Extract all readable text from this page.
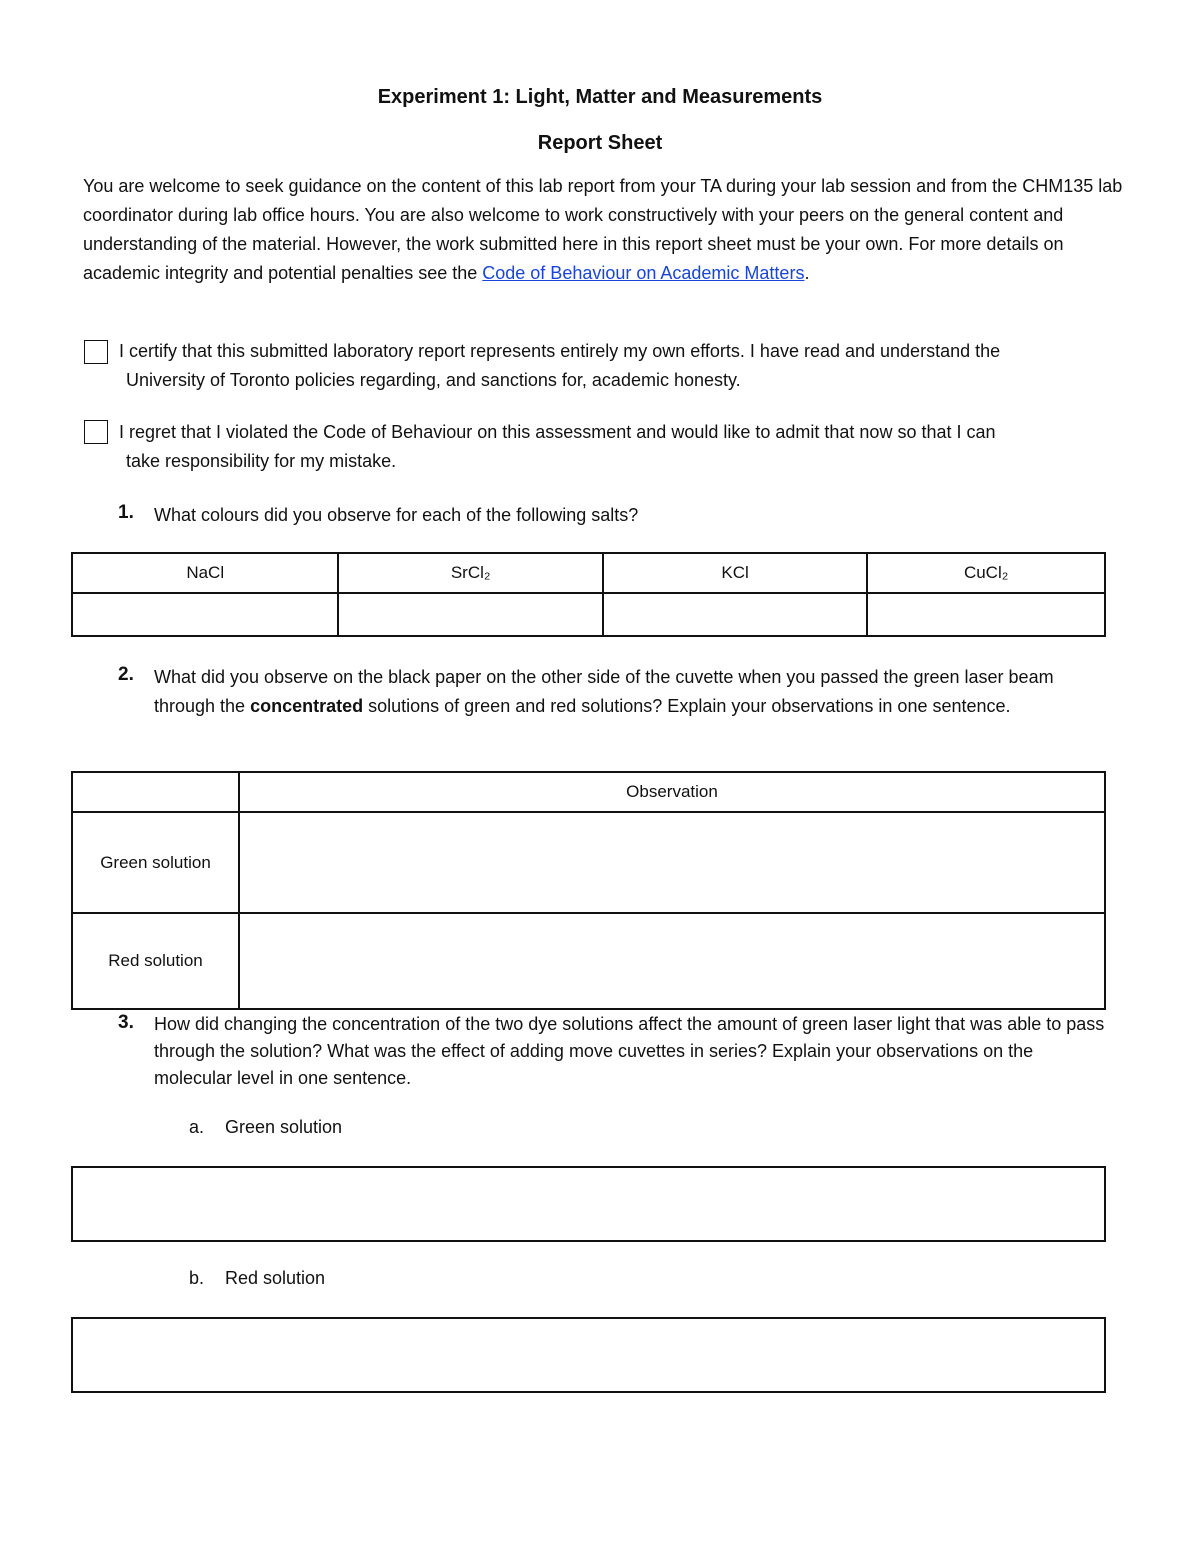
Experiment 1: Light, Matter and Measurements
Report Sheet
You are welcome to seek guidance on the content of this lab report from your TA during your lab session and from the CHM135 lab coordinator during lab office hours. You are also welcome to work constructively with your peers on the general content and understanding of the material. However, the work submitted here in this report sheet must be your own. For more details on academic integrity and potential penalties see the Code of Behaviour on Academic Matters.
I certify that this submitted laboratory report represents entirely my own efforts. I have read and understand the
University of Toronto policies regarding, and sanctions for, academic honesty.
I regret that I violated the Code of Behaviour on this assessment and would like to admit that now so that I can
take responsibility for my mistake.
1. What colours did you observe for each of the following salts?
NaCl	SrCl₂	KCl	CuCl₂

2. What did you observe on the black paper on the other side of the cuvette when you passed the green laser beam through the concentrated solutions of green and red solutions? Explain your observations in one sentence.
	Observation
Green solution	
Red solution	
3. How did changing the concentration of the two dye solutions affect the amount of green laser light that was able to pass through the solution? What was the effect of adding move cuvettes in series? Explain your observations on the molecular level in one sentence.
a. Green solution
b. Red solution
